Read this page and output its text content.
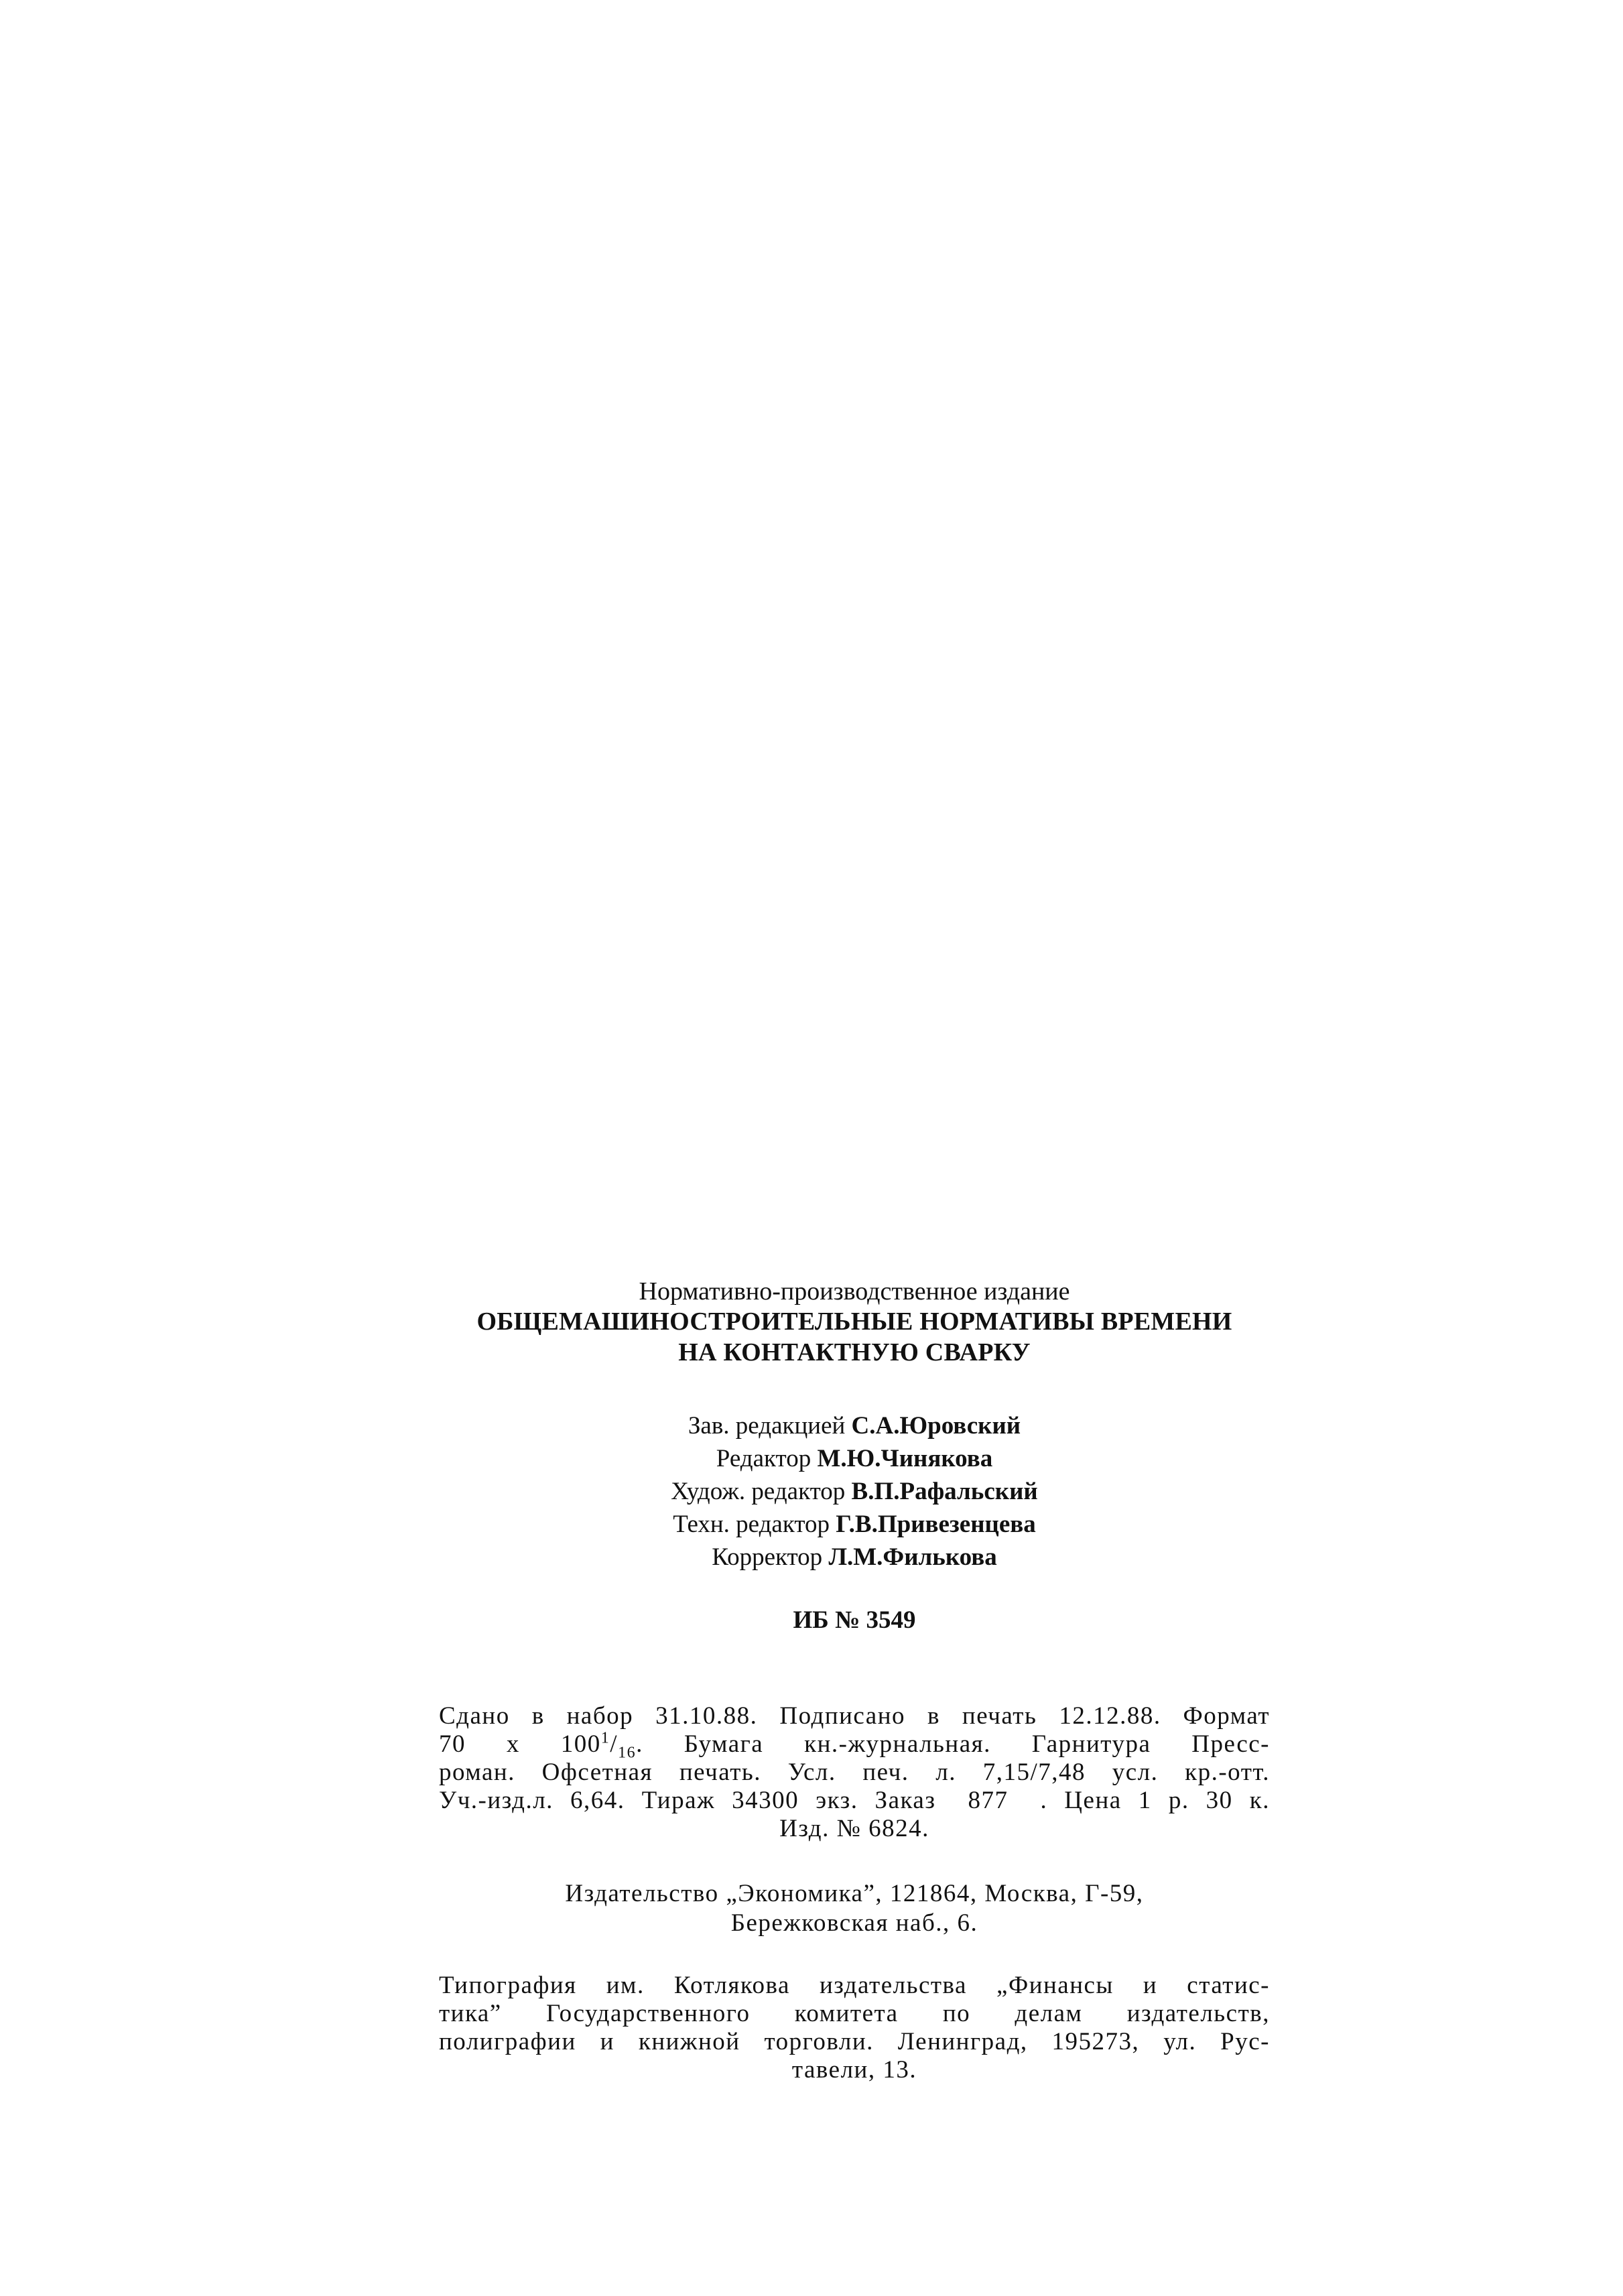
Нормативно-производственное издание
ОБЩЕМАШИНОСТРОИТЕЛЬНЫЕ НОРМАТИВЫ ВРЕМЕНИ
НА КОНТАКТНУЮ СВАРКУ
Зав. редакцией С.А.Юровский
Редактор М.Ю.Чинякова
Худож. редактор В.П.Рафальский
Техн. редактор Г.В.Привезенцева
Корректор Л.М.Филькова
ИБ № 3549
Сдано в набор 31.10.88. Подписано в печать 12.12.88. Формат
70 x $100^1/_{16}$. Бумага кн.-журнальная. Гарнитура Пресс-
роман. Офсетная печать. Усл. печ. л. 7,15/7,48 усл. кр.-отт.
Уч.-изд.л. 6,64. Тираж 34300 экз. Заказ 877 . Цена 1 р. 30 к.
Изд. № 6824.
Издательство „Экономика”, 121864, Москва, Г-59,
Бережковская наб., 6.
Типография им. Котлякова издательства „Финансы и статис-
тика” Государственного комитета по делам издательств,
полиграфии и книжной торговли. Ленинград, 195273, ул. Рус-
тавели, 13.
